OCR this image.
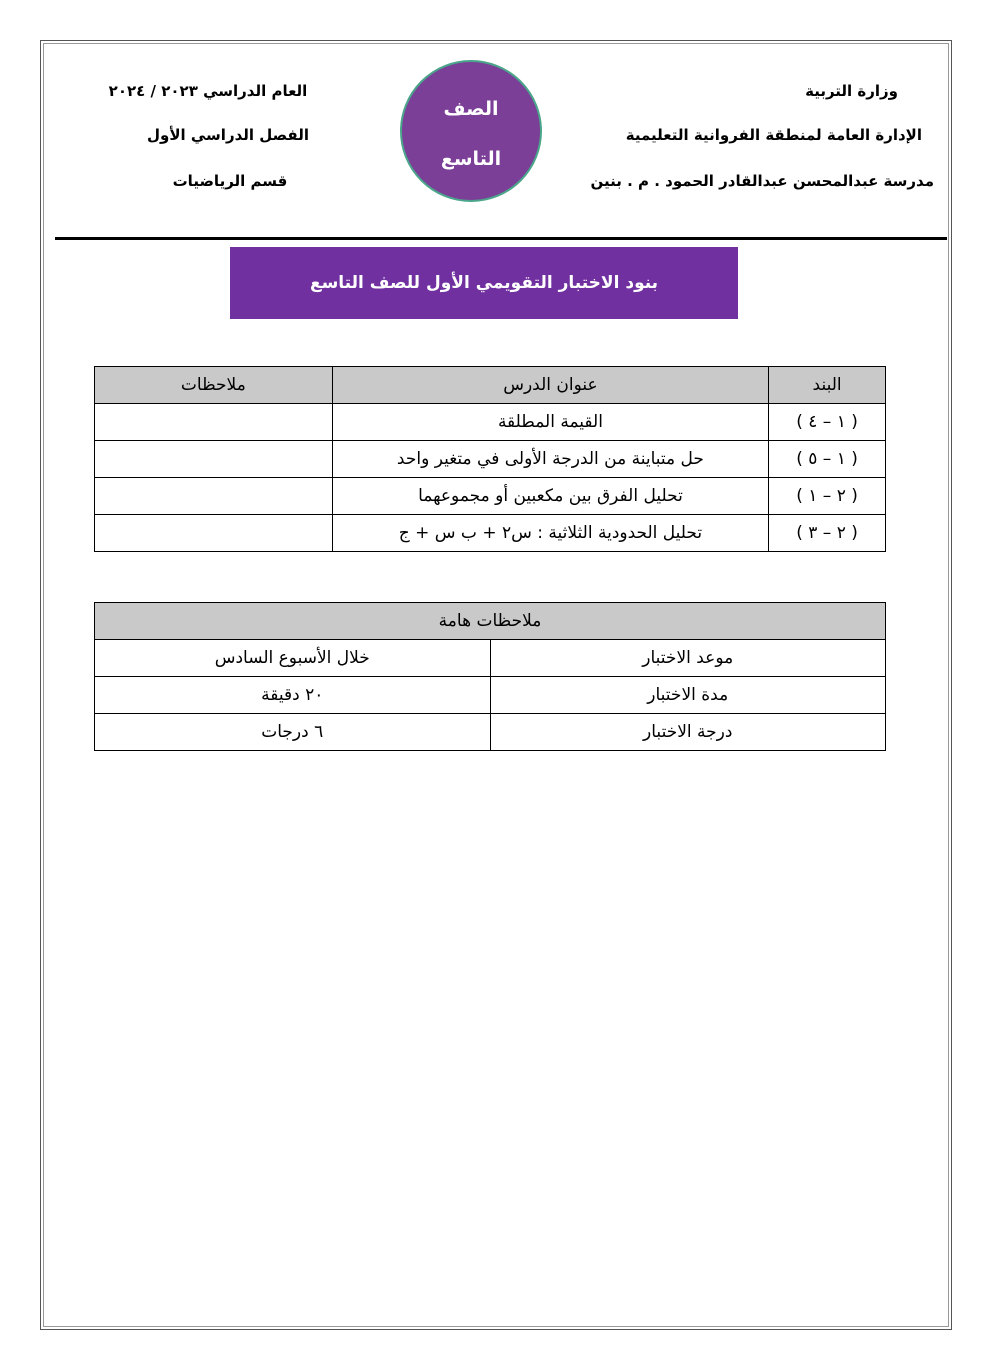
وزارة التربية
الإدارة العامة لمنطقة الفروانية التعليمية
مدرسة عبدالمحسن عبدالقادر الحمود . م . بنين
العام الدراسي ٢٠٢٣ / ٢٠٢٤
الفصل الدراسي الأول
قسم الرياضيات
الصف
التاسع
بنود الاختبار التقويمي الأول للصف التاسع
البند	عنوان الدرس	ملاحظات
( ١ – ٤ )	القيمة المطلقة	
( ١ – ٥ )	حل متباينة من الدرجة الأولى في متغير واحد	
( ٢ – ١ )	تحليل الفرق بين مكعبين أو مجموعهما	
( ٢ – ٣ )	تحليل الحدودية الثلاثية : س٢ + ب س + ج	
ملاحظات هامة	
موعد الاختبار	خلال الأسبوع السادس
مدة الاختبار	٢٠ دقيقة
درجة الاختبار	٦ درجات
